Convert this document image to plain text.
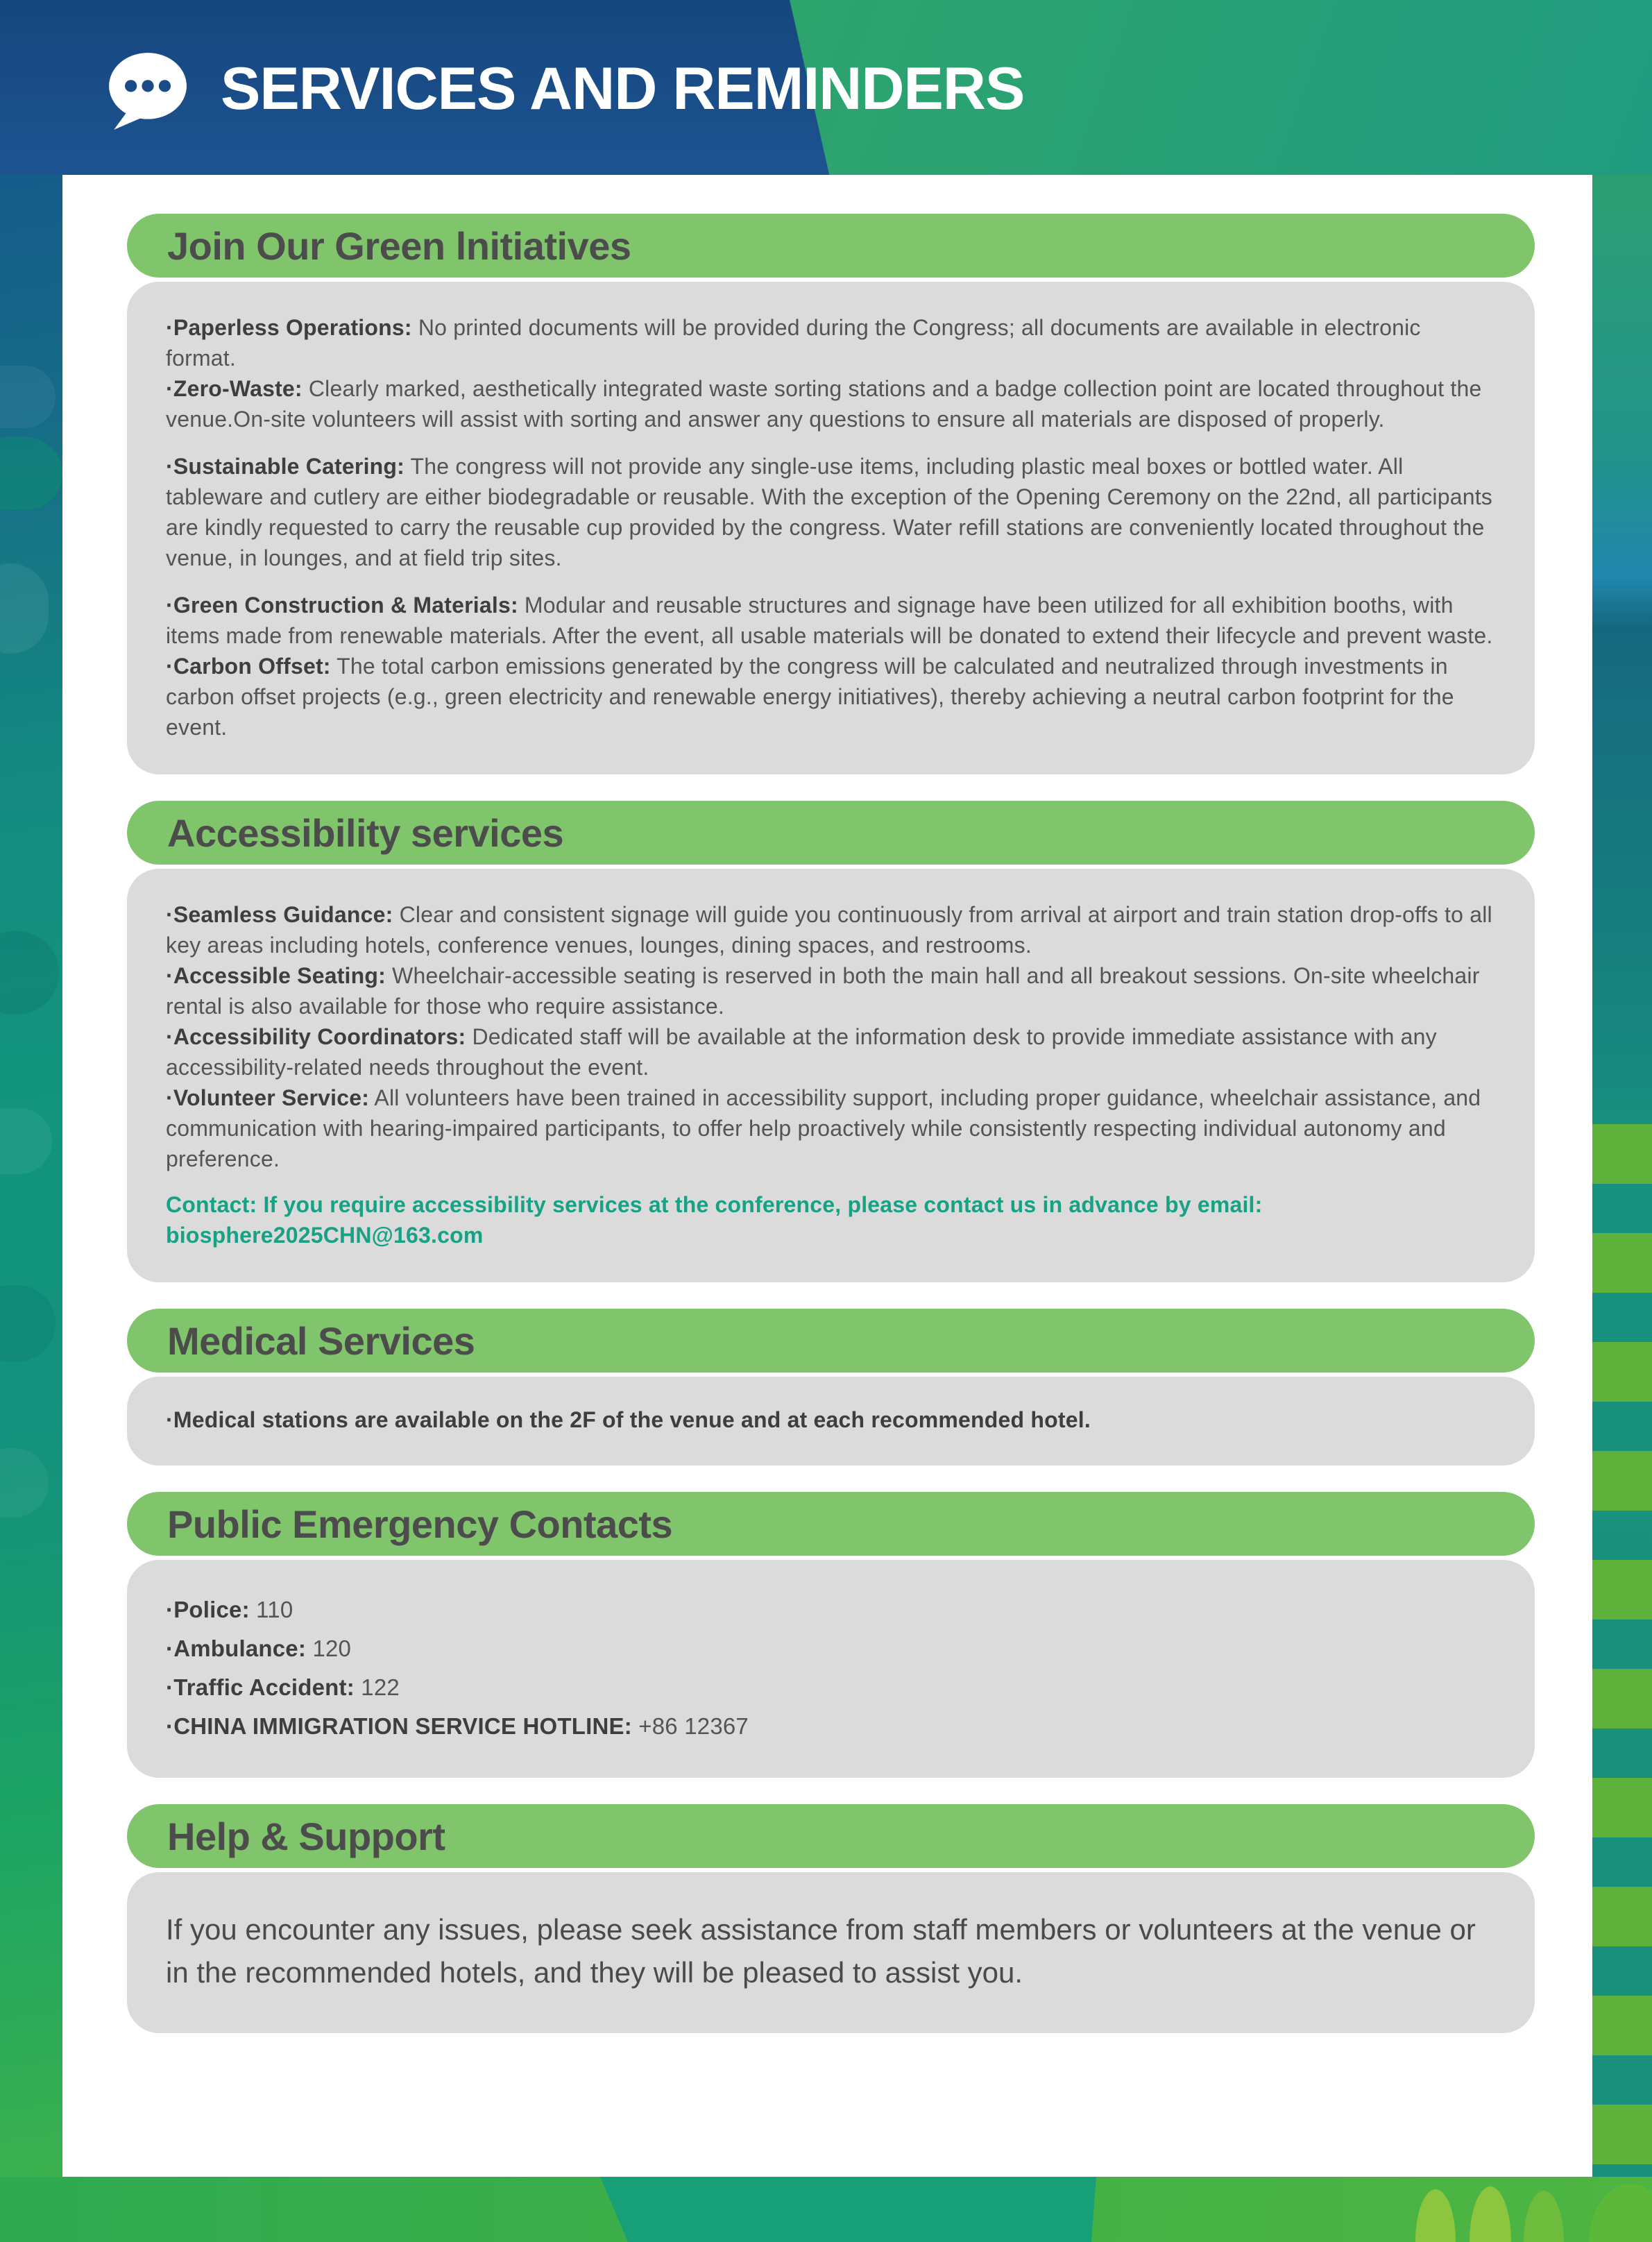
SERVICES AND REMINDERS
Join Our Green lnitiatives

·Paperless Operations: No printed documents will be provided during the Congress; all documents are available in electronic format.

·Zero-Waste: Clearly marked, aesthetically integrated waste sorting stations and a badge collection point are located throughout the venue.On-site volunteers will assist with sorting and answer any questions to ensure all materials are disposed of properly.

·Sustainable Catering: The congress will not provide any single-use items, including plastic meal boxes or bottled water. All tableware and cutlery are either biodegradable or reusable. With the exception of the Opening Ceremony on the 22nd, all participants are kindly requested to carry the reusable cup provided by the congress. Water refill stations are conveniently located throughout the venue, in lounges, and at field trip sites.

·Green Construction & Materials: Modular and reusable structures and signage have been utilized for all exhibition booths, with items made from renewable materials. After the event, all usable materials will be donated to extend their lifecycle and prevent waste.

·Carbon Offset: The total carbon emissions generated by the congress will be calculated and neutralized through investments in carbon offset projects (e.g., green electricity and renewable energy initiatives), thereby achieving a neutral carbon footprint for the event.

Accessibility services

·Seamless Guidance: Clear and consistent signage will guide you continuously from arrival at airport and train station drop-offs to all key areas including hotels, conference venues, lounges, dining spaces, and restrooms.

·Accessible Seating: Wheelchair-accessible seating is reserved in both the main hall and all breakout sessions. On-site wheelchair rental is also available for those who require assistance.

·Accessibility Coordinators: Dedicated staff will be available at the information desk to provide immediate assistance with any accessibility-related needs throughout the event.

·Volunteer Service: All volunteers have been trained in accessibility support, including proper guidance, wheelchair assistance, and communication with hearing-impaired participants, to offer help proactively while consistently respecting individual autonomy and preference.

Contact: If you require accessibility services at the conference, please contact us in advance by email:
biosphere2025CHN@163.com
Medical Services

·Medical stations are available on the 2F of the venue and at each recommended hotel.

Public Emergency Contacts

·Police: 110

·Ambulance: 120

·Traffic Accident: 122

·CHINA IMMIGRATION SERVICE HOTLINE: +86 12367

Help & Support

If you encounter any issues, please seek assistance from staff members or volunteers at the venue or in the recommended hotels, and they will be pleased to assist you.
